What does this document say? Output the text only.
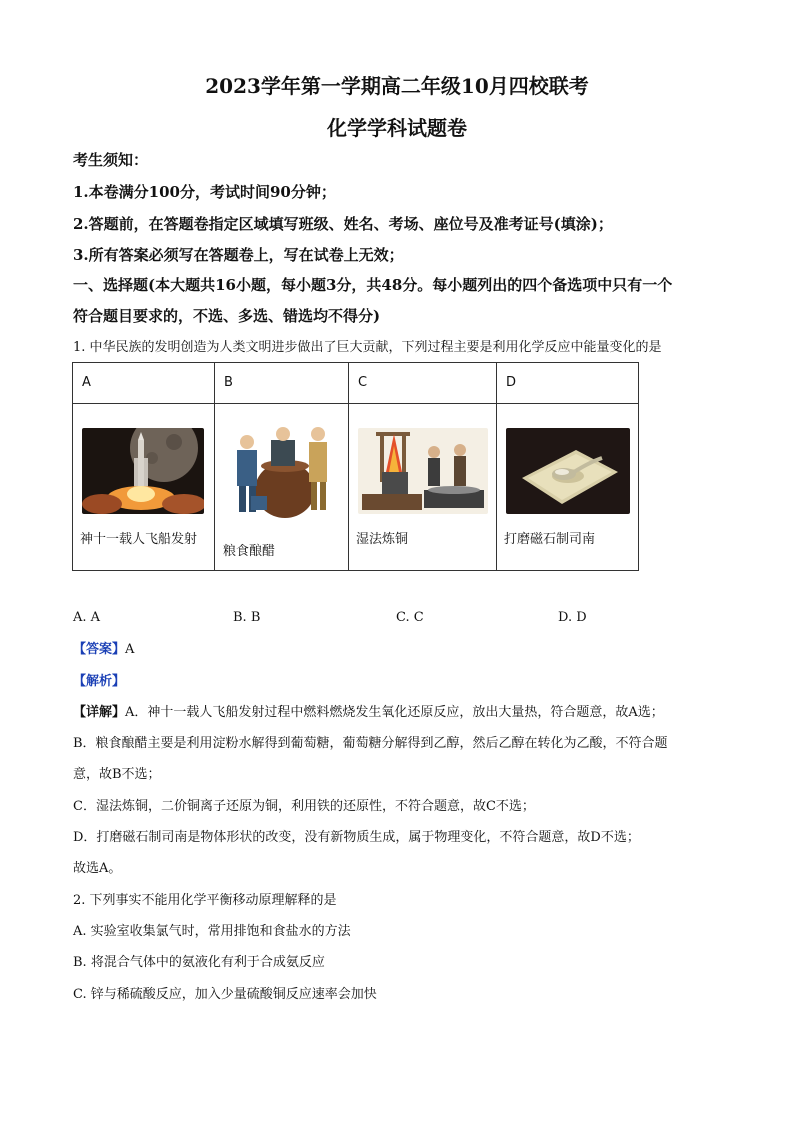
2023学年第一学期高二年级10月四校联考
化学学科试题卷
考生须知：
1.本卷满分100分，考试时间90分钟；
2.答题前，在答题卷指定区域填写班级、姓名、考场、座位号及准考证号(填涂)；
3.所有答案必须写在答题卷上，写在试卷上无效；
一、选择题(本大题共16小题，每小题3分，共48分。每小题列出的四个备选项中只有一个
符合题目要求的，不选、多选、错选均不得分)
1. 中华民族的发明创造为人类文明进步做出了巨大贡献，下列过程主要是利用化学反应中能量变化的是
A	B	C	D

神十一载人飞船发射	粮食酿醋	湿法炼铜	打磨磁石制司南
A. A	B. B	C. C	D. D
【答案】A
【解析】
【详解】A．神十一载人飞船发射过程中燃料燃烧发生氧化还原反应，放出大量热，符合题意，故A选；
B．粮食酿醋主要是利用淀粉水解得到葡萄糖，葡萄糖分解得到乙醇，然后乙醇在转化为乙酸，不符合题
意，故B不选；
C．湿法炼铜，二价铜离子还原为铜，利用铁的还原性，不符合题意，故C不选；
D．打磨磁石制司南是物体形状的改变，没有新物质生成，属于物理变化，不符合题意，故D不选；
故选A。
2. 下列事实不能用化学平衡移动原理解释的是
A. 实验室收集氯气时，常用排饱和食盐水的方法
B. 将混合气体中的氨液化有利于合成氨反应
C. 锌与稀硫酸反应，加入少量硫酸铜反应速率会加快
